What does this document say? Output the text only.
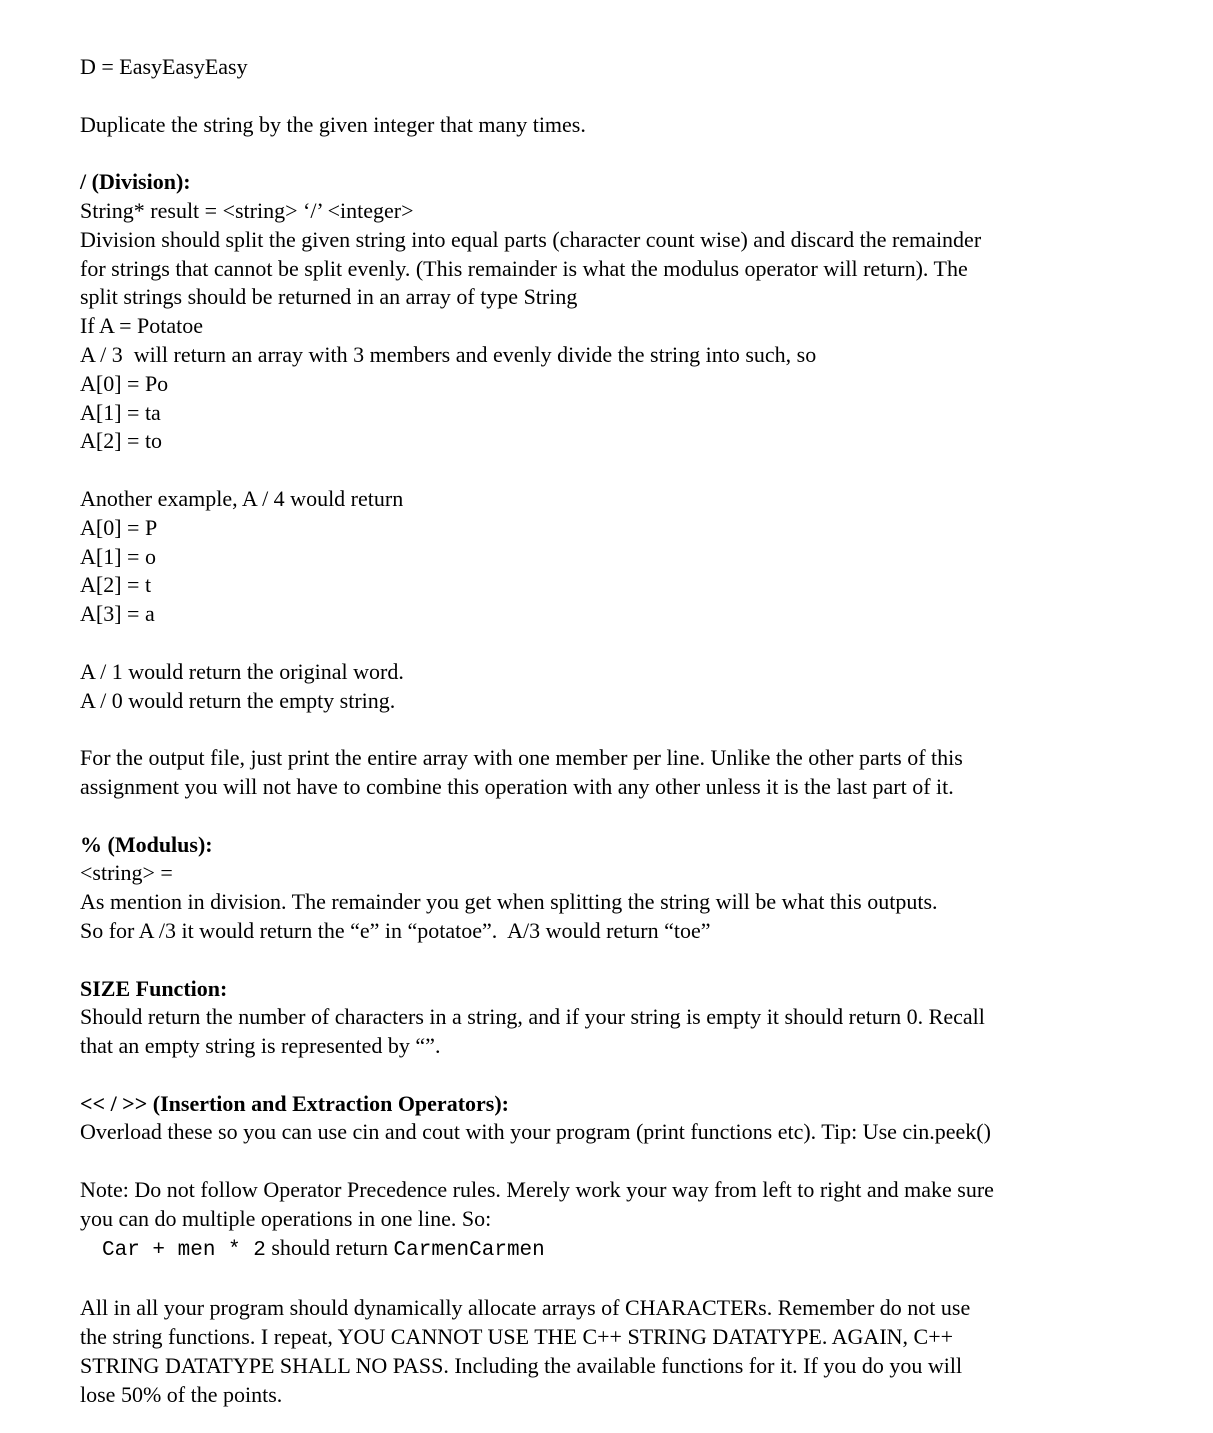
D = EasyEasyEasy

Duplicate the string by the given integer that many times.

/ (Division):

String* result = <string> ‘/’ <integer>

Division should split the given string into equal parts (character count wise) and discard the remainder

for strings that cannot be split evenly. (This remainder is what the modulus operator will return). The

split strings should be returned in an array of type String

If A = Potatoe

A / 3  will return an array with 3 members and evenly divide the string into such, so

A[0] = Po

A[1] = ta

A[2] = to

Another example, A / 4 would return

A[0] = P

A[1] = o

A[2] = t

A[3] = a

A / 1 would return the original word.

A / 0 would return the empty string.

For the output file, just print the entire array with one member per line. Unlike the other parts of this

assignment you will not have to combine this operation with any other unless it is the last part of it.

% (Modulus):

<string> =

As mention in division. The remainder you get when splitting the string will be what this outputs.

So for A /3 it would return the “e” in “potatoe”.  A/3 would return “toe”

SIZE Function:

Should return the number of characters in a string, and if your string is empty it should return 0. Recall

that an empty string is represented by “”.

<< / >> (Insertion and Extraction Operators):

Overload these so you can use cin and cout with your program (print functions etc). Tip: Use cin.peek()

Note: Do not follow Operator Precedence rules. Merely work your way from left to right and make sure

you can do multiple operations in one line. So:

Car + men * 2 should return CarmenCarmen

All in all your program should dynamically allocate arrays of CHARACTERs. Remember do not use

the string functions. I repeat, YOU CANNOT USE THE C++ STRING DATATYPE. AGAIN, C++

STRING DATATYPE SHALL NO PASS. Including the available functions for it. If you do you will

lose 50% of the points.
